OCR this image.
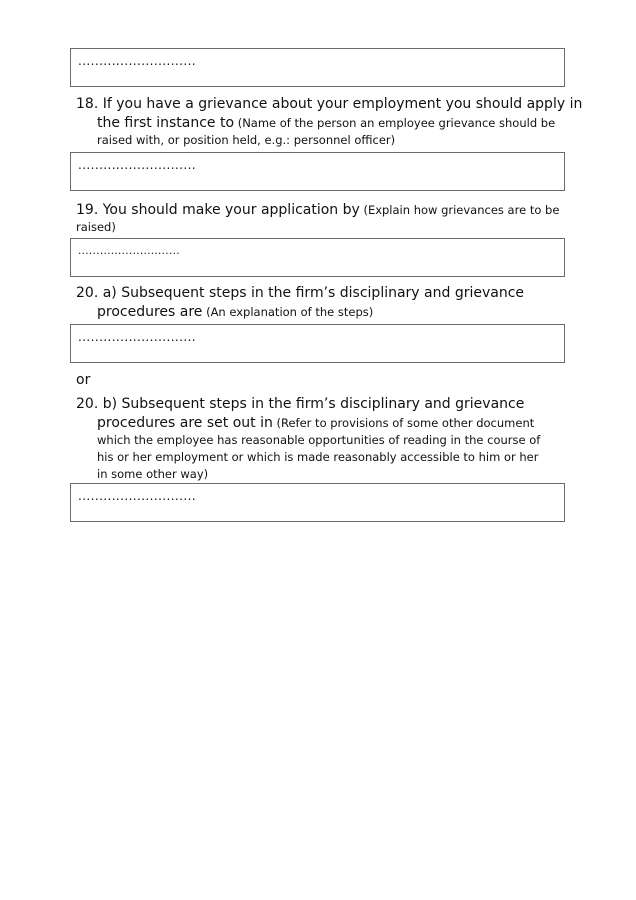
............................
18. If you have a grievance about your employment you should apply in
the first instance to (Name of the person an employee grievance should be
raised with, or position held, e.g.: personnel officer)
............................
19. You should make your application by (Explain how grievances are to be
raised)
............................
20. a) Subsequent steps in the firm’s disciplinary and grievance
procedures are (An explanation of the steps)
............................
or
20. b) Subsequent steps in the firm’s disciplinary and grievance
procedures are set out in (Refer to provisions of some other document
which the employee has reasonable opportunities of reading in the course of
his or her employment or which is made reasonably accessible to him or her
in some other way)
............................
